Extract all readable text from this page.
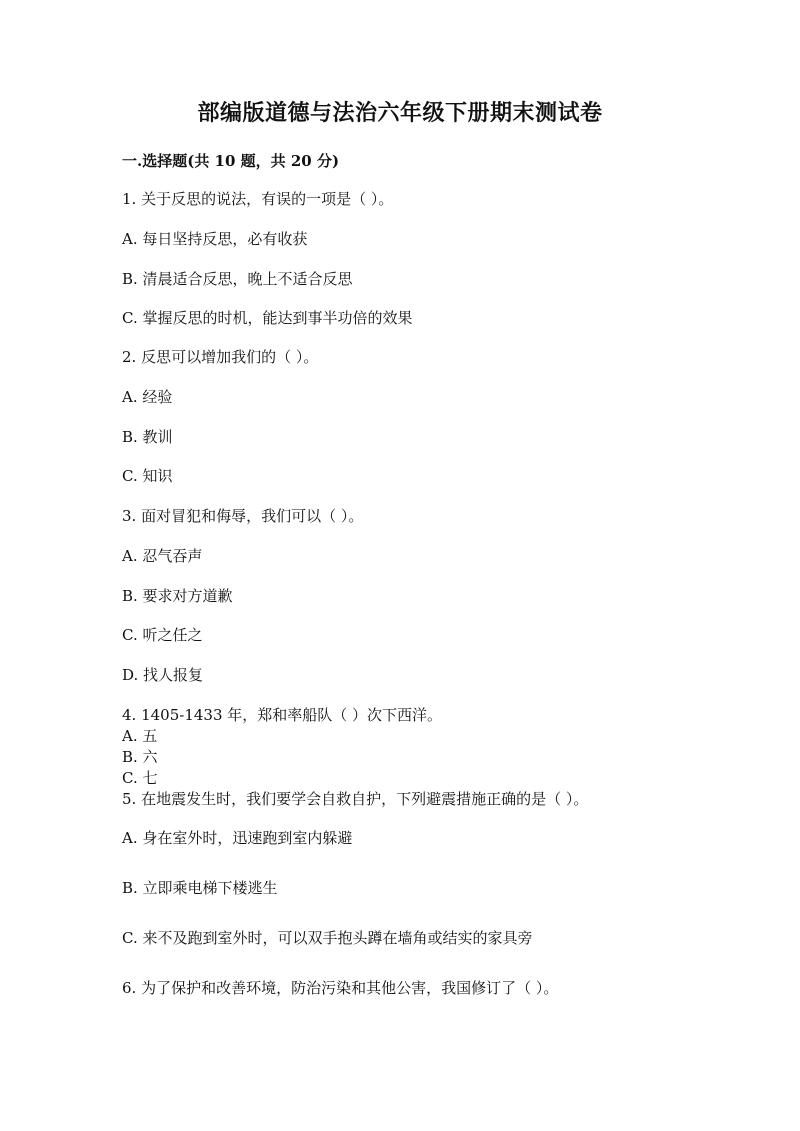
部编版道德与法治六年级下册期末测试卷
一.选择题(共 10 题，共 20 分)
1. 关于反思的说法，有误的一项是（ ）。
A. 每日坚持反思，必有收获
B. 清晨适合反思，晚上不适合反思
C. 掌握反思的时机，能达到事半功倍的效果
2. 反思可以增加我们的（ ）。
A. 经验
B. 教训
C. 知识
3. 面对冒犯和侮辱，我们可以（ ）。
A. 忍气吞声
B. 要求对方道歉
C. 听之任之
D. 找人报复
4. 1405-1433 年，郑和率船队（ ）次下西洋。
A. 五
B. 六
C. 七
5. 在地震发生时，我们要学会自救自护，下列避震措施正确的是（ ）。
A. 身在室外时，迅速跑到室内躲避
B. 立即乘电梯下楼逃生
C. 来不及跑到室外时，可以双手抱头蹲在墙角或结实的家具旁
6. 为了保护和改善环境，防治污染和其他公害，我国修订了（ ）。
